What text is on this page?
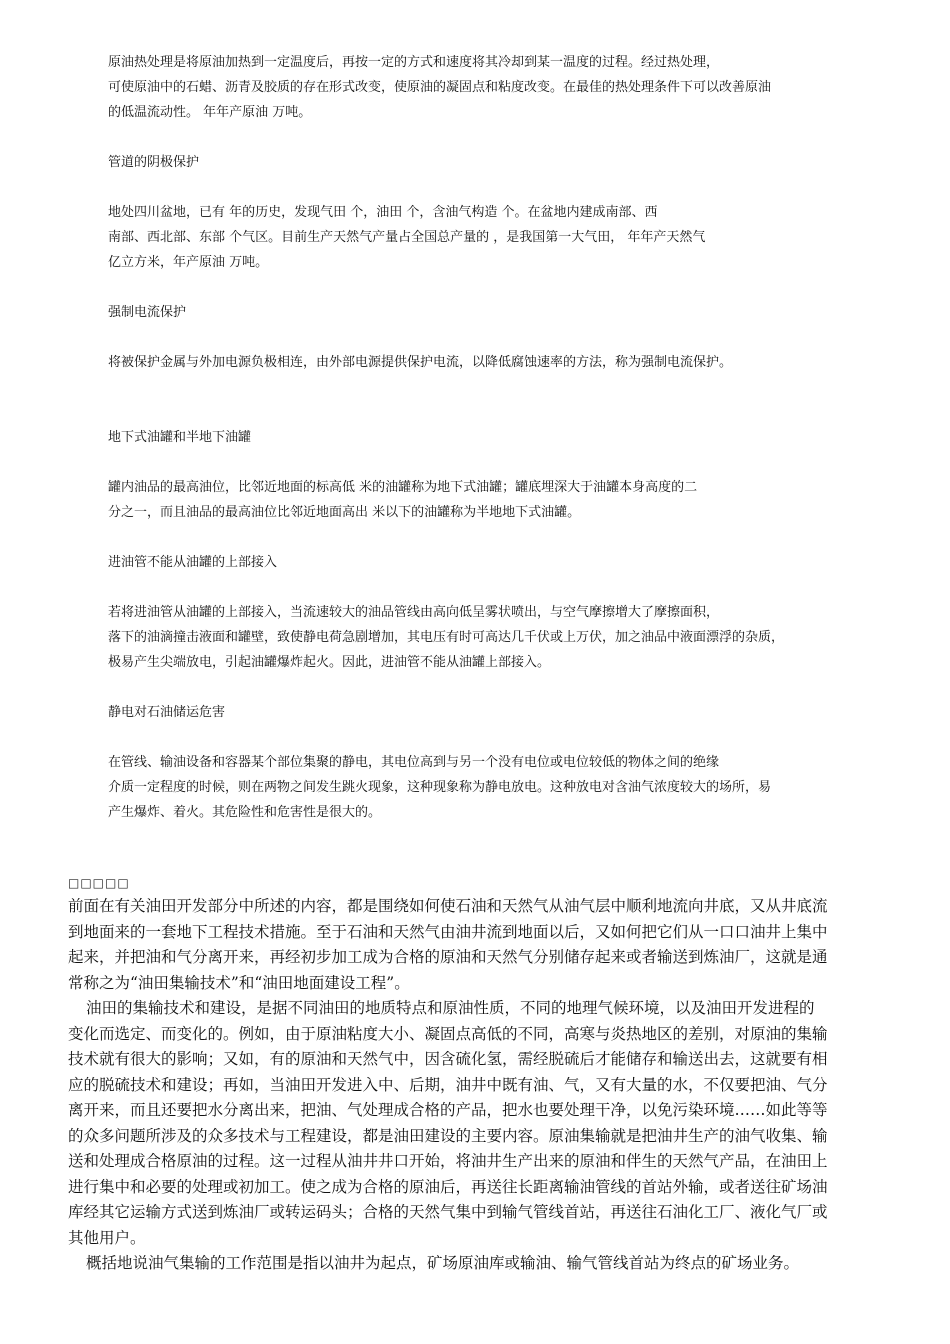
原油热处理是将原油加热到一定温度后，再按一定的方式和速度将其冷却到某一温度的过程。经过热处理，
可使原油中的石蜡、沥青及胶质的存在形式改变，使原油的凝固点和粘度改变。在最佳的热处理条件下可以改善原油
的低温流动性。 年年产原油 万吨。
管道的阴极保护
地处四川盆地，已有 年的历史，发现气田 个，油田 个，含油气构造 个。在盆地内建成南部、西
南部、西北部、东部 个气区。目前生产天然气产量占全国总产量的 ，是我国第一大气田， 年年产天然气
亿立方米，年产原油 万吨。
强制电流保护
将被保护金属与外加电源负极相连，由外部电源提供保护电流，以降低腐蚀速率的方法，称为强制电流保护。
地下式油罐和半地下油罐
罐内油品的最高油位，比邻近地面的标高低 米的油罐称为地下式油罐；罐底埋深大于油罐本身高度的二
分之一，而且油品的最高油位比邻近地面高出 米以下的油罐称为半地地下式油罐。
进油管不能从油罐的上部接入
若将进油管从油罐的上部接入，当流速较大的油品管线由高向低呈雾状喷出，与空气摩擦增大了摩擦面积，
落下的油滴撞击液面和罐壁，致使静电荷急剧增加，其电压有时可高达几千伏或上万伏，加之油品中液面漂浮的杂质，
极易产生尖端放电，引起油罐爆炸起火。因此，进油管不能从油罐上部接入。
静电对石油储运危害
在管线、输油设备和容器某个部位集聚的静电，其电位高到与另一个没有电位或电位较低的物体之间的绝缘
介质一定程度的时候，则在两物之间发生跳火现象，这种现象称为静电放电。这种放电对含油气浓度较大的场所，易
产生爆炸、着火。其危险性和危害性是很大的。
□□□□□
前面在有关油田开发部分中所述的内容，都是围绕如何使石油和天然气从油气层中顺利地流向井底，又从井底流
到地面来的一套地下工程技术措施。至于石油和天然气由油井流到地面以后，又如何把它们从一口口油井上集中
起来，并把油和气分离开来，再经初步加工成为合格的原油和天然气分别储存起来或者输送到炼油厂，这就是通
常称之为“油田集输技术”和“油田地面建设工程”。
油田的集输技术和建设，是据不同油田的地质特点和原油性质，不同的地理气候环境，以及油田开发进程的
变化而选定、而变化的。例如，由于原油粘度大小、凝固点高低的不同，高寒与炎热地区的差别，对原油的集输
技术就有很大的影响；又如，有的原油和天然气中，因含硫化氢，需经脱硫后才能储存和输送出去，这就要有相
应的脱硫技术和建设；再如，当油田开发进入中、后期，油井中既有油、气，又有大量的水，不仅要把油、气分
离开来，而且还要把水分离出来，把油、气处理成合格的产品，把水也要处理干净，以免污染环境……如此等等
的众多问题所涉及的众多技术与工程建设，都是油田建设的主要内容。原油集输就是把油井生产的油气收集、输
送和处理成合格原油的过程。这一过程从油井井口开始，将油井生产出来的原油和伴生的天然气产品，在油田上
进行集中和必要的处理或初加工。使之成为合格的原油后，再送往长距离输油管线的首站外输，或者送往矿场油
库经其它运输方式送到炼油厂或转运码头；合格的天然气集中到输气管线首站，再送往石油化工厂、液化气厂或
其他用户。
概括地说油气集输的工作范围是指以油井为起点，矿场原油库或输油、输气管线首站为终点的矿场业务。
